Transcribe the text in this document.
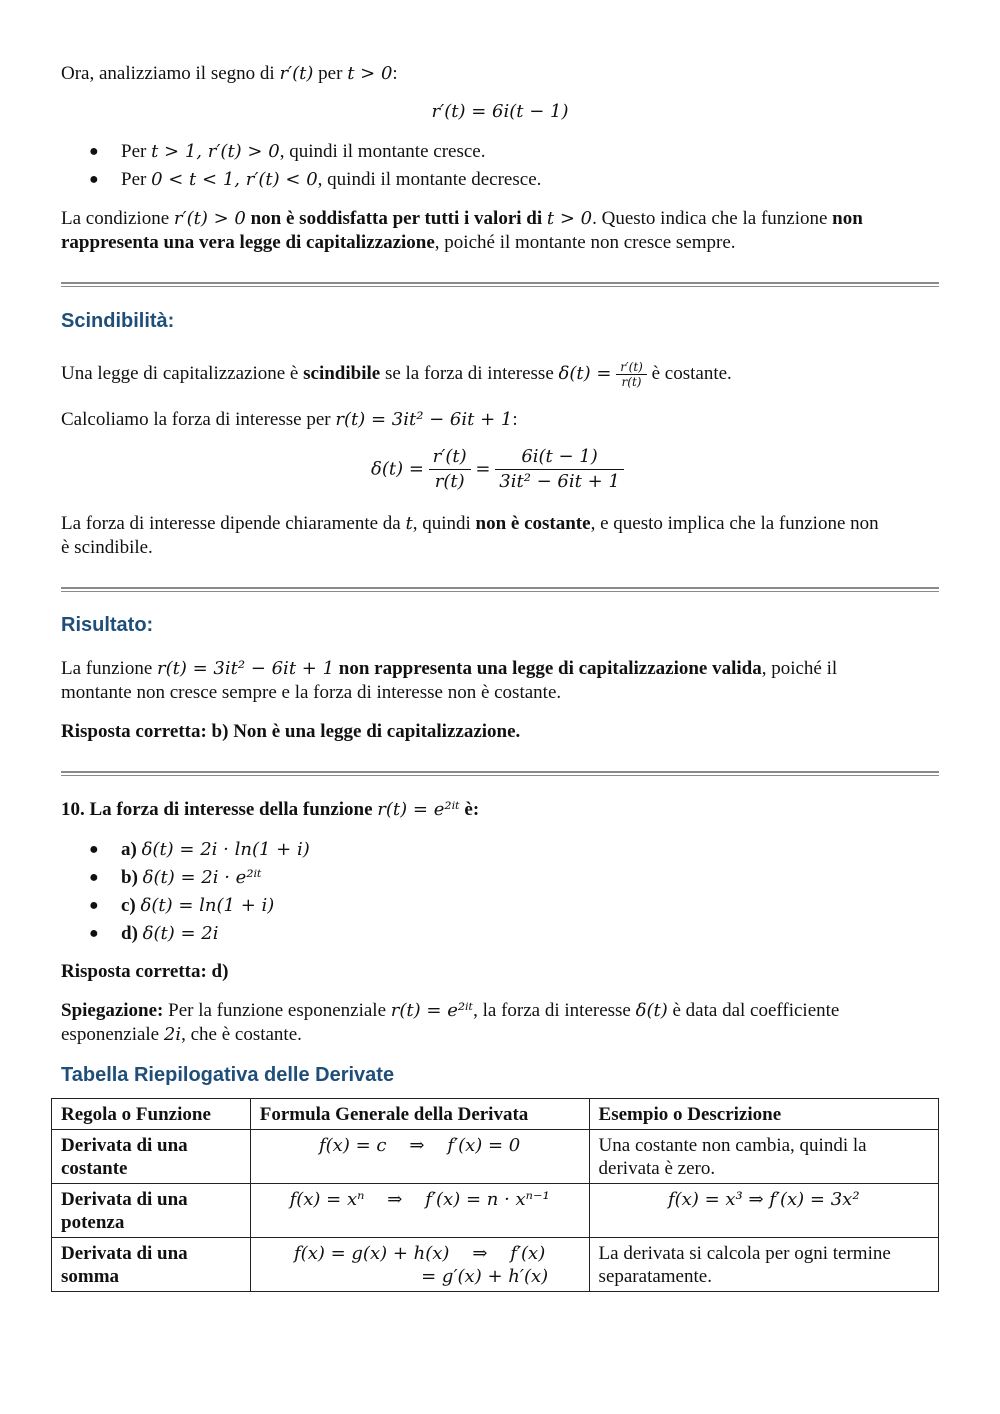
Ora, analizziamo il segno di r′(t) per t > 0:

r′(t) = 6i(t − 1)

● Per t > 1, r′(t) > 0, quindi il montante cresce.

● Per 0 < t < 1, r′(t) < 0, quindi il montante decresce.

La condizione r′(t) > 0 non è soddisfatta per tutti i valori di t > 0. Questo indica che la funzione non
rappresenta una vera legge di capitalizzazione, poiché il montante non cresce sempre.

Scindibilità:

Una legge di capitalizzazione è scindibile se la forza di interesse $\delta(t) = \frac{r'(t)}{r(t)}$ è costante.

Calcoliamo la forza di interesse per r(t) = 3it² − 6it + 1:

$\delta(t) = \frac{r'(t)}{r(t)} = \frac{6i(t - 1)}{\text{3it² − 6it + 1}}$

La forza di interesse dipende chiaramente da t, quindi non è costante, e questo implica che la funzione non
è scindibile.

Risultato:

La funzione r(t) = 3it² − 6it + 1 non rappresenta una legge di capitalizzazione valida, poiché il
montante non cresce sempre e la forza di interesse non è costante.

Risposta corretta: b) Non è una legge di capitalizzazione.

10. La forza di interesse della funzione r(t) = e²ⁱᵗ è:

● a) δ(t) = 2i · ln(1 + i)

● b) δ(t) = 2i · e²ⁱᵗ

● c) δ(t) = ln(1 + i)

● d) δ(t) = 2i

Risposta corretta: d)

Spiegazione: Per la funzione esponenziale r(t) = e²ⁱᵗ, la forza di interesse δ(t) è data dal coefficiente
esponenziale 2i, che è costante.

Tabella Riepilogativa delle Derivate
Regola o Funzione	Formula Generale della Derivata	Esempio o Descrizione
Derivata di una costante	f(x) = c    ⇒    f′(x) = 0	Una costante non cambia, quindi la derivata è zero.
Derivata di una potenza	f(x) = xⁿ    ⇒    f′(x) = n · xⁿ⁻¹	f(x) = x³ ⇒ f′(x) = 3x²
Derivata di una somma	f(x) = g(x) + h(x)    ⇒    f′(x)
= g′(x) + h′(x)	La derivata si calcola per ogni termine separatamente.
